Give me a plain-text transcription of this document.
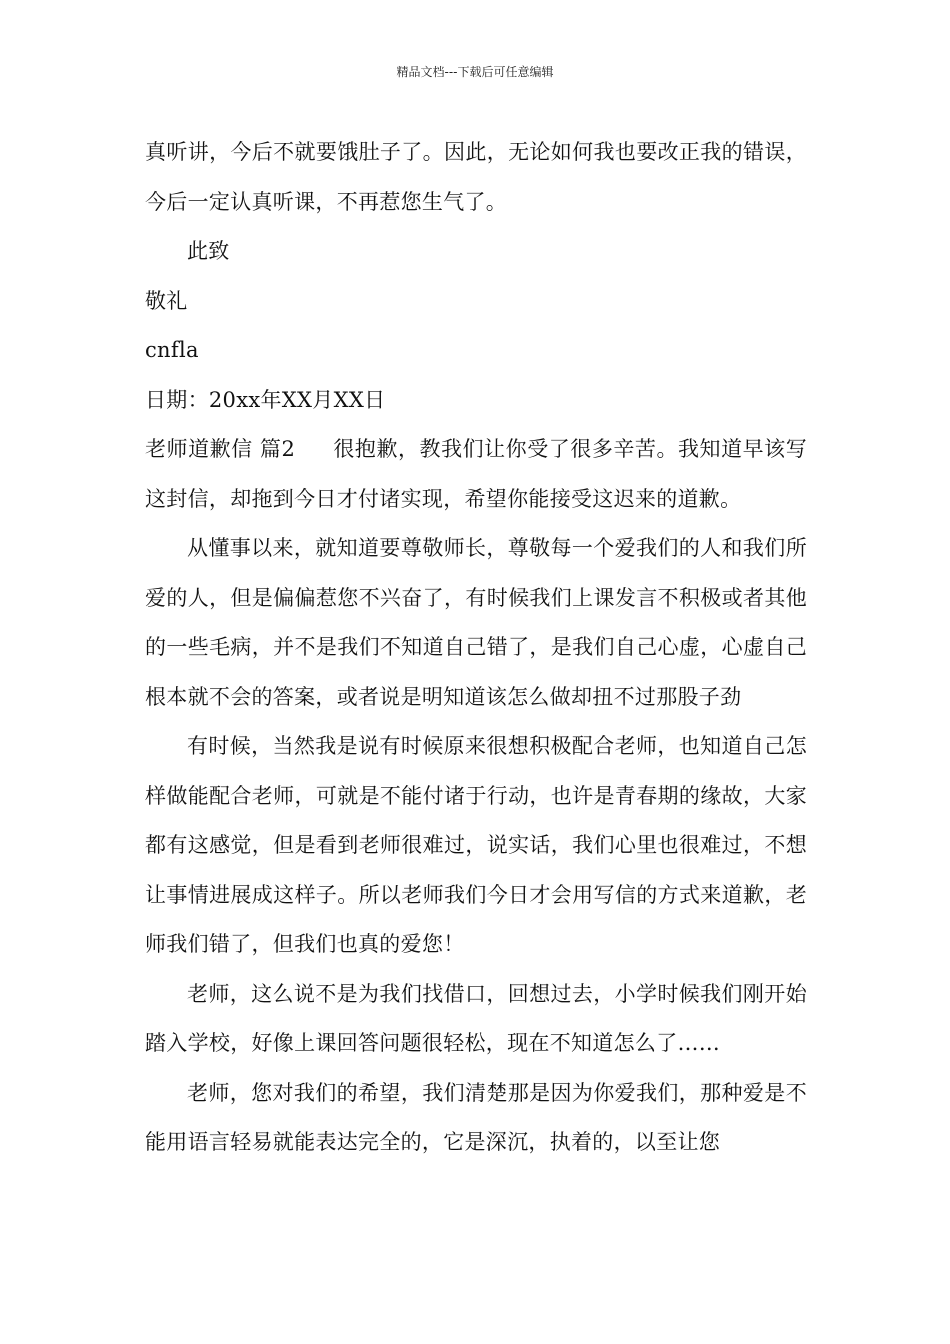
精品文档---下载后可任意编辑

真听讲，今后不就要饿肚子了。因此，无论如何我也要改正我的错误，今后一定认真听课，不再惹您生气了。

此致

敬礼

cnfla

日期：20xx年XX月XX日

老师道歉信 篇2 很抱歉，教我们让你受了很多辛苦。我知道早该写这封信，却拖到今日才付诸实现，希望你能接受这迟来的道歉。

从懂事以来，就知道要尊敬师长，尊敬每一个爱我们的人和我们所爱的人，但是偏偏惹您不兴奋了，有时候我们上课发言不积极或者其他的一些毛病，并不是我们不知道自己错了，是我们自己心虚，心虚自己根本就不会的答案，或者说是明知道该怎么做却扭不过那股子劲

有时候，当然我是说有时候原来很想积极配合老师，也知道自己怎样做能配合老师，可就是不能付诸于行动，也许是青春期的缘故，大家都有这感觉，但是看到老师很难过，说实话，我们心里也很难过，不想让事情进展成这样子。所以老师我们今日才会用写信的方式来道歉，老师我们错了，但我们也真的爱您！

老师，这么说不是为我们找借口，回想过去，小学时候我们刚开始踏入学校，好像上课回答问题很轻松，现在不知道怎么了……

老师，您对我们的希望，我们清楚那是因为你爱我们，那种爱是不能用语言轻易就能表达完全的，它是深沉，执着的，以至让您
